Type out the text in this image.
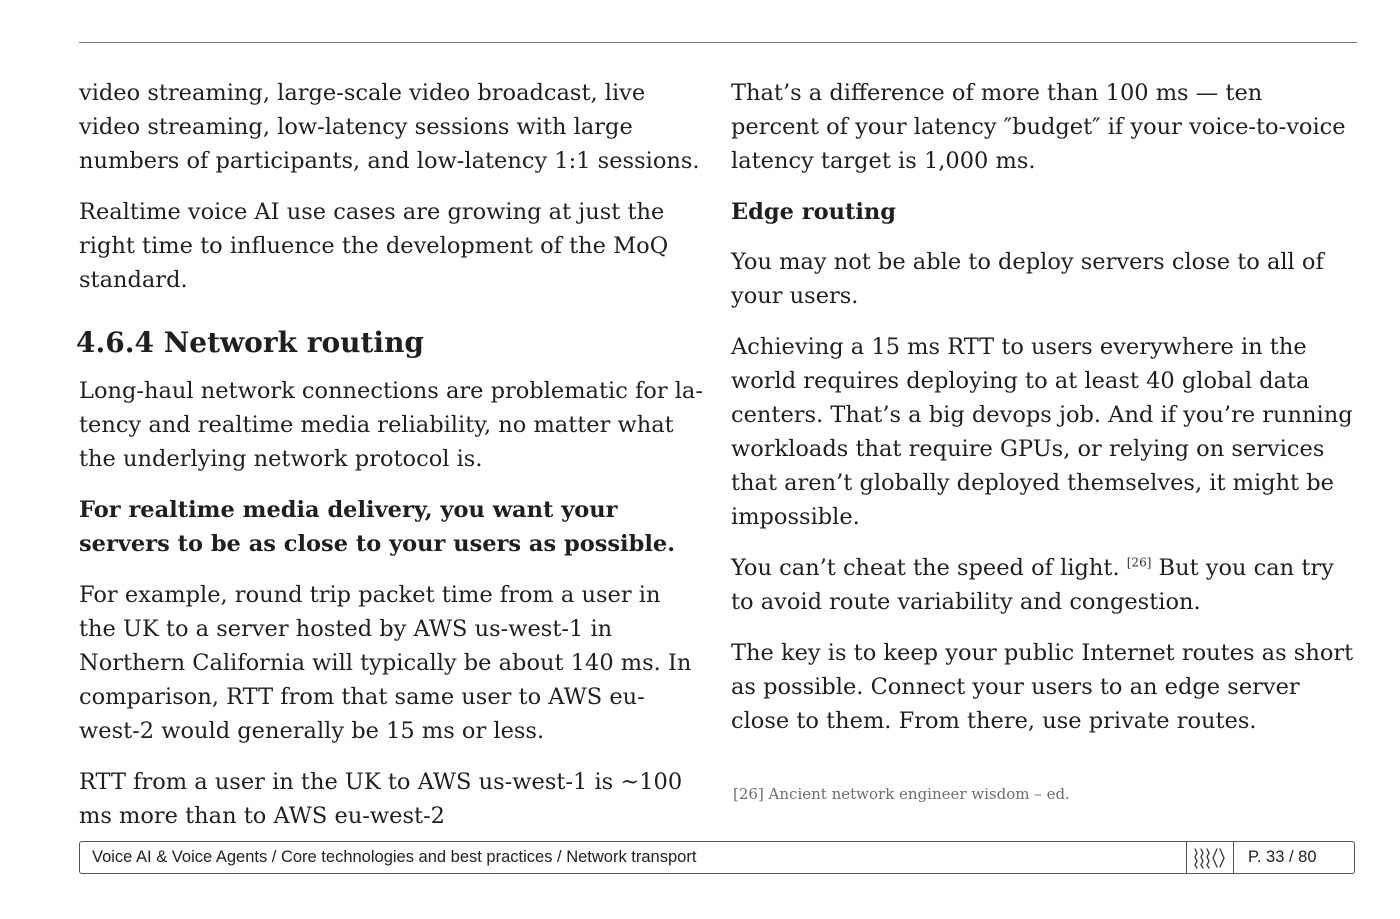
video streaming, large-scale video broadcast, live video streaming, low-latency sessions with large numbers of participants, and low-latency 1:1 sessions.

Realtime voice AI use cases are growing at just the right time to influence the development of the MoQ standard.

4.6.4 Network routing

Long-haul network connections are problematic for latency and realtime media reliability, no matter what the underlying network protocol is.

For realtime media delivery, you want your servers to be as close to your users as possible.

For example, round trip packet time from a user in the UK to a server hosted by AWS us-west-1 in Northern California will typically be about 140 ms. In comparison, RTT from that same user to AWS eu-west-2 would generally be 15 ms or less.

RTT from a user in the UK to AWS us-west-1 is ~100 ms more than to AWS eu-west-2

That’s a difference of more than 100 ms — ten percent of your latency ″budget″ if your voice-to-voice latency target is 1,000 ms.

Edge routing

You may not be able to deploy servers close to all of your users.

Achieving a 15 ms RTT to users everywhere in the world requires deploying to at least 40 global data centers. That’s a big devops job. And if you’re running workloads that require GPUs, or relying on services that aren’t globally deployed themselves, it might be impossible.

You can’t cheat the speed of light. [26] But you can try to avoid route variability and congestion.

The key is to keep your public Internet routes as short as possible. Connect your users to an edge server close to them. From there, use private routes.

[26] Ancient network engineer wisdom – ed.
Voice AI & Voice Agents / Core technologies and best practices / Network transport	P. 33 / 80
